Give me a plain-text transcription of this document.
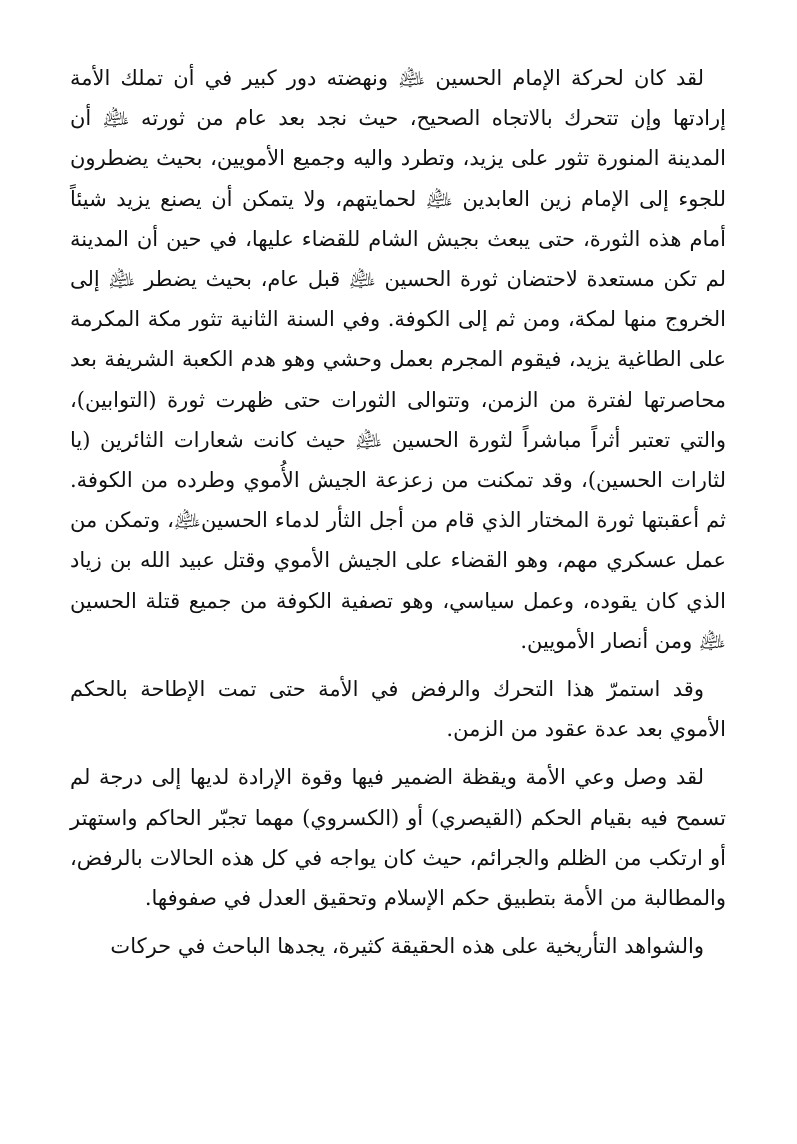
لقد كان لحركة الإمام الحسين ﵇ ونهضته دور كبير في أن تملك الأمة إرادتها وإن تتحرك بالاتجاه الصحيح، حيث نجد بعد عام من ثورته ﵇ أن المدينة المنورة تثور على يزيد، وتطرد واليه وجميع الأمويين، بحيث يضطرون للجوء إلى الإمام زين العابدين ﵇ لحمايتهم، ولا يتمكن أن يصنع يزيد شيئاً أمام هذه الثورة، حتى يبعث بجيش الشام للقضاء عليها، في حين أن المدينة لم تكن مستعدة لاحتضان ثورة الحسين ﵇ قبل عام، بحيث يضطر ﵇ إلى الخروج منها لمكة، ومن ثم إلى الكوفة. وفي السنة الثانية تثور مكة المكرمة على الطاغية يزيد، فيقوم المجرم بعمل وحشي وهو هدم الكعبة الشريفة بعد محاصرتها لفترة من الزمن، وتتوالى الثورات حتى ظهرت ثورة (التوابين)، والتي تعتبر أثراً مباشراً لثورة الحسين ﵇ حيث كانت شعارات الثائرين (يا لثارات الحسين)، وقد تمكنت من زعزعة الجيش الأُموي وطرده من الكوفة. ثم أعقبتها ثورة المختار الذي قام من أجل الثأر لدماء الحسين﵇، وتمكن من عمل عسكري مهم، وهو القضاء على الجيش الأموي وقتل عبيد الله بن زياد الذي كان يقوده، وعمل سياسي، وهو تصفية الكوفة من جميع قتلة الحسين ﵇ ومن أنصار الأمويين.

وقد استمرّ هذا التحرك والرفض في الأمة حتى تمت الإطاحة بالحكم الأموي بعد عدة عقود من الزمن.

لقد وصل وعي الأمة ويقظة الضمير فيها وقوة الإرادة لديها إلى درجة لم تسمح فيه بقيام الحكم (القيصري) أو (الكسروي) مهما تجبّر الحاكم واستهتر أو ارتكب من الظلم والجرائم، حيث كان يواجه في كل هذه الحالات بالرفض، والمطالبة من الأمة بتطبيق حكم الإسلام وتحقيق العدل في صفوفها.

والشواهد التأريخية على هذه الحقيقة كثيرة، يجدها الباحث في حركات
